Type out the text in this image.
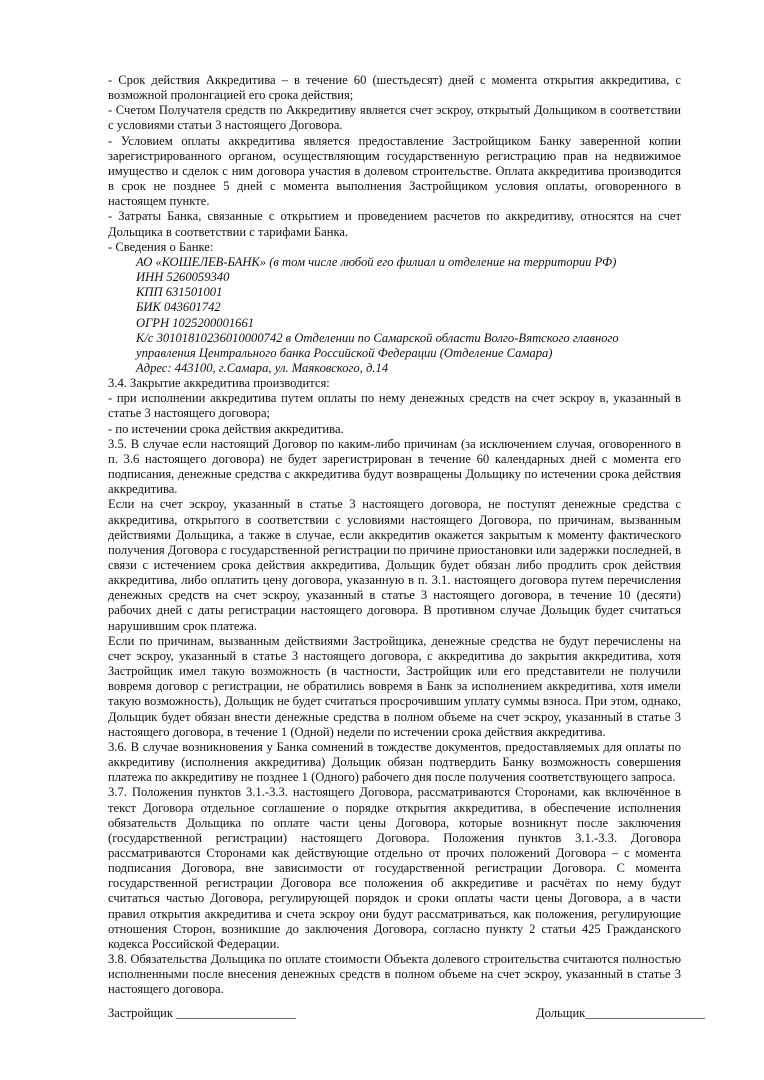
- Срок действия Аккредитива – в течение 60 (шестьдесят) дней с момента открытия аккредитива, с возможной пролонгацией его срока действия;

- Счетом Получателя средств по Аккредитиву является счет эскроу, открытый Дольщиком в соответствии с условиями статьи 3 настоящего Договора.

- Условием оплаты аккредитива является предоставление Застройщиком Банку заверенной копии зарегистрированного органом, осуществляющим государственную регистрацию прав на недвижимое имущество и сделок с ним договора участия в долевом строительстве. Оплата аккредитива производится в срок не позднее 5 дней с момента выполнения Застройщиком условия оплаты, оговоренного в настоящем пункте.

- Затраты Банка, связанные с открытием и проведением расчетов по аккредитиву, относятся на счет Дольщика в соответствии с тарифами Банка.

- Сведения о Банке:

АО «КОШЕЛЕВ-БАНК» (в том числе любой его филиал и отделение на территории РФ)

ИНН 5260059340

КПП 631501001

БИК 043601742

ОГРН 1025200001661

К/с 30101810236010000742 в Отделении по Самарской области Волго-Вятского главного управления Центрального банка Российской Федерации (Отделение Самара)

Адрес: 443100, г.Самара, ул. Маяковского, д.14

3.4. Закрытие аккредитива производится:

- при исполнении аккредитива путем оплаты по нему денежных средств на счет эскроу в, указанный в статье 3 настоящего договора;

- по истечении срока действия аккредитива.

3.5. В случае если настоящий Договор по каким-либо причинам (за исключением случая, оговоренного в п. 3.6 настоящего договора) не будет зарегистрирован в течение 60 календарных дней с момента его подписания, денежные средства с аккредитива будут возвращены Дольщику по истечении срока действия аккредитива.

Если на счет эскроу, указанный в статье 3 настоящего договора, не поступят денежные средства с аккредитива, открытого в соответствии с условиями настоящего Договора, по причинам, вызванным действиями Дольщика, а также в случае, если аккредитив окажется закрытым к моменту фактического получения Договора с государственной регистрации по причине приостановки или задержки последней, в связи с истечением срока действия аккредитива, Дольщик будет обязан либо продлить срок действия аккредитива, либо оплатить цену договора, указанную в п. 3.1. настоящего договора путем перечисления денежных средств на счет эскроу, указанный в статье 3 настоящего договора, в течение 10 (десяти) рабочих дней с даты регистрации настоящего договора. В противном случае Дольщик будет считаться нарушившим срок платежа.

Если по причинам, вызванным действиями Застройщика, денежные средства не будут перечислены на счет эскроу, указанный в статье 3 настоящего договора, с аккредитива до закрытия аккредитива, хотя Застройщик имел такую возможность (в частности, Застройщик или его представители не получили вовремя договор с регистрации, не обратились вовремя в Банк за исполнением аккредитива, хотя имели такую возможность), Дольщик не будет считаться просрочившим уплату суммы взноса. При этом, однако, Дольщик будет обязан внести денежные средства в полном объеме на счет эскроу, указанный в статье 3 настоящего договора, в течение 1 (Одной) недели по истечении срока действия аккредитива.

3.6. В случае возникновения у Банка сомнений в тождестве документов, предоставляемых для оплаты по аккредитиву (исполнения аккредитива) Дольщик обязан подтвердить Банку возможность совершения платежа по аккредитиву не позднее 1 (Одного) рабочего дня после получения соответствующего запроса.

3.7. Положения пунктов 3.1.-3.3. настоящего Договора, рассматриваются Сторонами, как включённое в текст Договора отдельное соглашение о порядке открытия аккредитива, в обеспечение исполнения обязательств Дольщика по оплате части цены Договора, которые возникнут после заключения (государственной регистрации) настоящего Договора. Положения пунктов 3.1.-3.3. Договора рассматриваются Сторонами как действующие отдельно от прочих положений Договора – с момента подписания Договора, вне зависимости от государственной регистрации Договора. С момента государственной регистрации Договора все положения об аккредитиве и расчётах по нему будут считаться частью Договора, регулирующей порядок и сроки оплаты части цены Договора, а в части правил открытия аккредитива и счета эскроу они будут рассматриваться, как положения, регулирующие отношения Сторон, возникшие до заключения Договора, согласно пункту 2 статьи 425 Гражданского кодекса Российской Федерации.

3.8. Обязательства Дольщика по оплате стоимости Объекта долевого строительства считаются полностью исполненными после внесения денежных средств в полном объеме на счет эскроу, указанный в статье 3 настоящего договора.

Застройщик ___________________	Дольщик___________________
